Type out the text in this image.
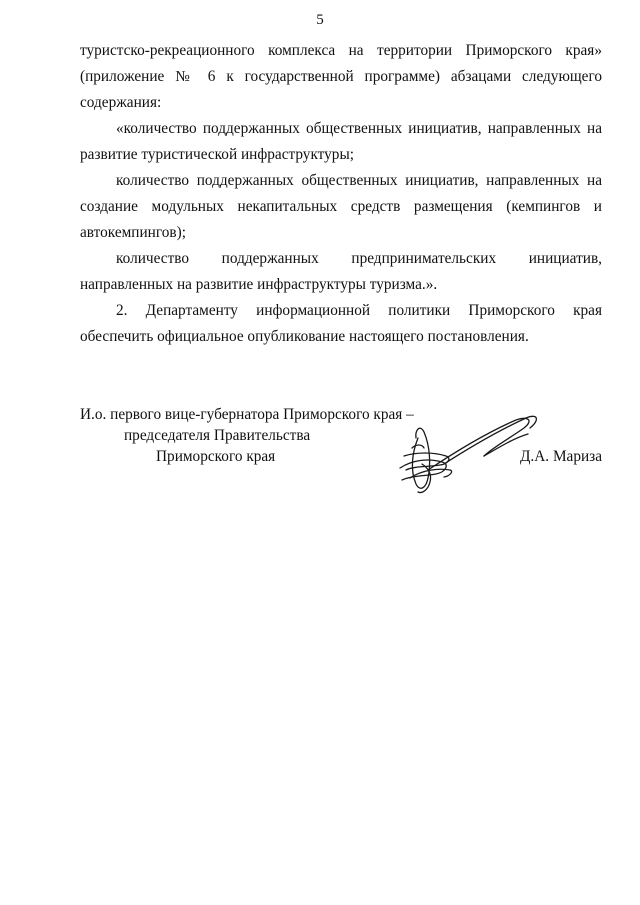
5

туристско-рекреационного комплекса на территории Приморского края» (приложение № 6 к государственной программе) абзацами следующего содержания:

«количество поддержанных общественных инициатив, направленных на развитие туристической инфраструктуры;

количество поддержанных общественных инициатив, направленных на создание модульных некапитальных средств размещения (кемпингов и автокемпингов);

количество поддержанных предпринимательских инициатив, направленных на развитие инфраструктуры туризма.».

2. Департаменту информационной политики Приморского края обеспечить официальное опубликование настоящего постановления.

И.о. первого вице-губернатора Приморского края –
председателя Правительства
Приморского края	Д.А. Мариза
